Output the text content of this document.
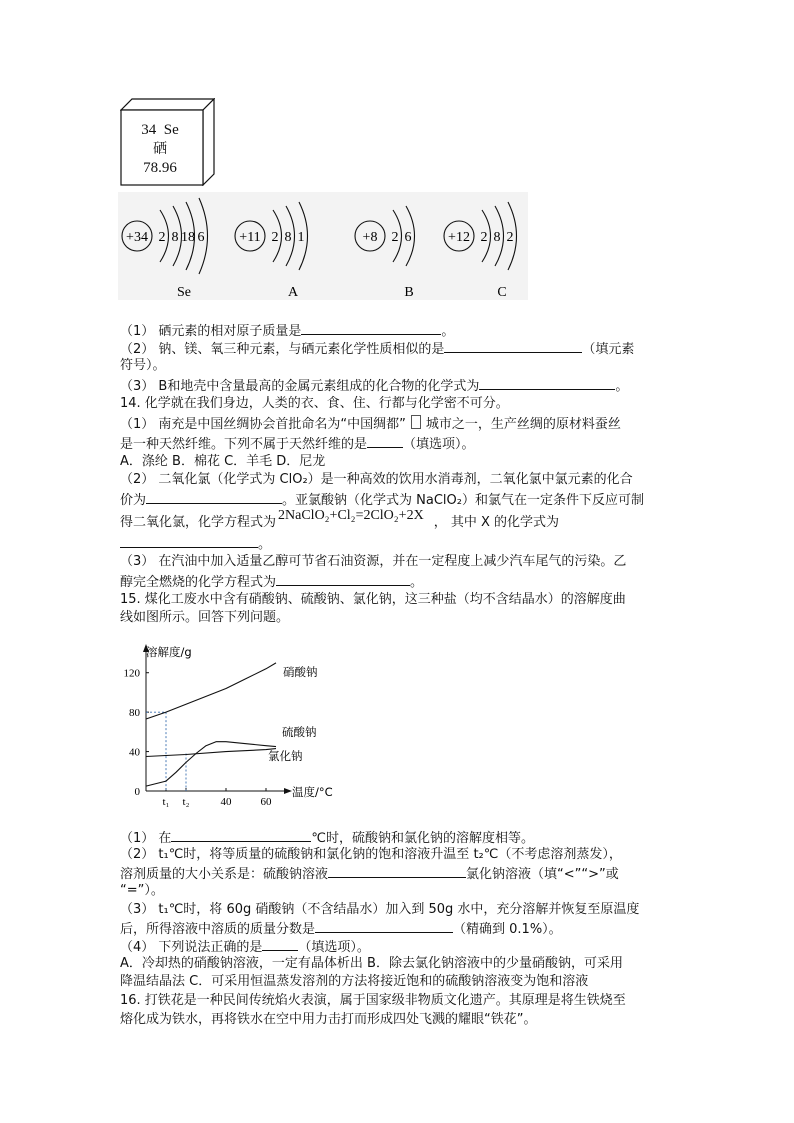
34 Se
硒
78.96
+34 2 8 18 6
Se
+11 2 8 1
A
+8 2 6
B
+12 2 8 2
C
（1） 硒元素的相对原子质量是	。
（2） 钠、镁、氧三种元素，与硒元素化学性质相似的是	（填元素
符号）。
（3） B和地壳中含量最高的金属元素组成的化合物的化学式为	。
14. 化学就在我们身边，人类的衣、食、住、行都与化学密不可分。
（1） 南充是中国丝绸协会首批命名为“中国绸都” 城市之一，生产丝绸的原材料蚕丝
是一种天然纤维。下列不属于天然纤维的是	（填选项）。
A．涤纶 B．棉花 C．羊毛 D．尼龙
（2） 二氧化氯（化学式为 ClO₂）是一种高效的饮用水消毒剂，二氧化氯中氯元素的化合
价为	。亚氯酸钠（化学式为 NaClO₂）和氯气在一定条件下反应可制
得二氧化氯，化学方程式为 2NaClO₂+Cl₂=2ClO₂+2X ， 其中 X 的化学式为
。
（3） 在汽油中加入适量乙醇可节省石油资源，并在一定程度上减少汽车尾气的污染。乙
醇完全燃烧的化学方程式为	。
15. 煤化工废水中含有硝酸钠、硫酸钠、氯化钠，这三种盐（均不含结晶水）的溶解度曲
线如图所示。回答下列问题。
溶解度/g
温度/°C
120
80
40
0
t₁ t₂	40	60
硝酸钠
硫酸钠
氯化钠
（1） 在	℃时，硫酸钠和氯化钠的溶解度相等。
（2） t₁℃时，将等质量的硫酸钠和氯化钠的饱和溶液升温至 t₂℃（不考虑溶剂蒸发），
溶剂质量的大小关系是：硫酸钠溶液	氯化钠溶液（填“<”“>”或
“=”）。
（3） t₁℃时，将 60g 硝酸钠（不含结晶水）加入到 50g 水中，充分溶解并恢复至原温度
后，所得溶液中溶质的质量分数是	（精确到 0.1%）。
（4） 下列说法正确的是	（填选项）。
A．冷却热的硝酸钠溶液，一定有晶体析出 B．除去氯化钠溶液中的少量硝酸钠，可采用
降温结晶法 C．可采用恒温蒸发溶剂的方法将接近饱和的硫酸钠溶液变为饱和溶液
16. 打铁花是一种民间传统焰火表演，属于国家级非物质文化遗产。其原理是将生铁烧至
熔化成为铁水，再将铁水在空中用力击打而形成四处飞溅的耀眼“铁花”。
